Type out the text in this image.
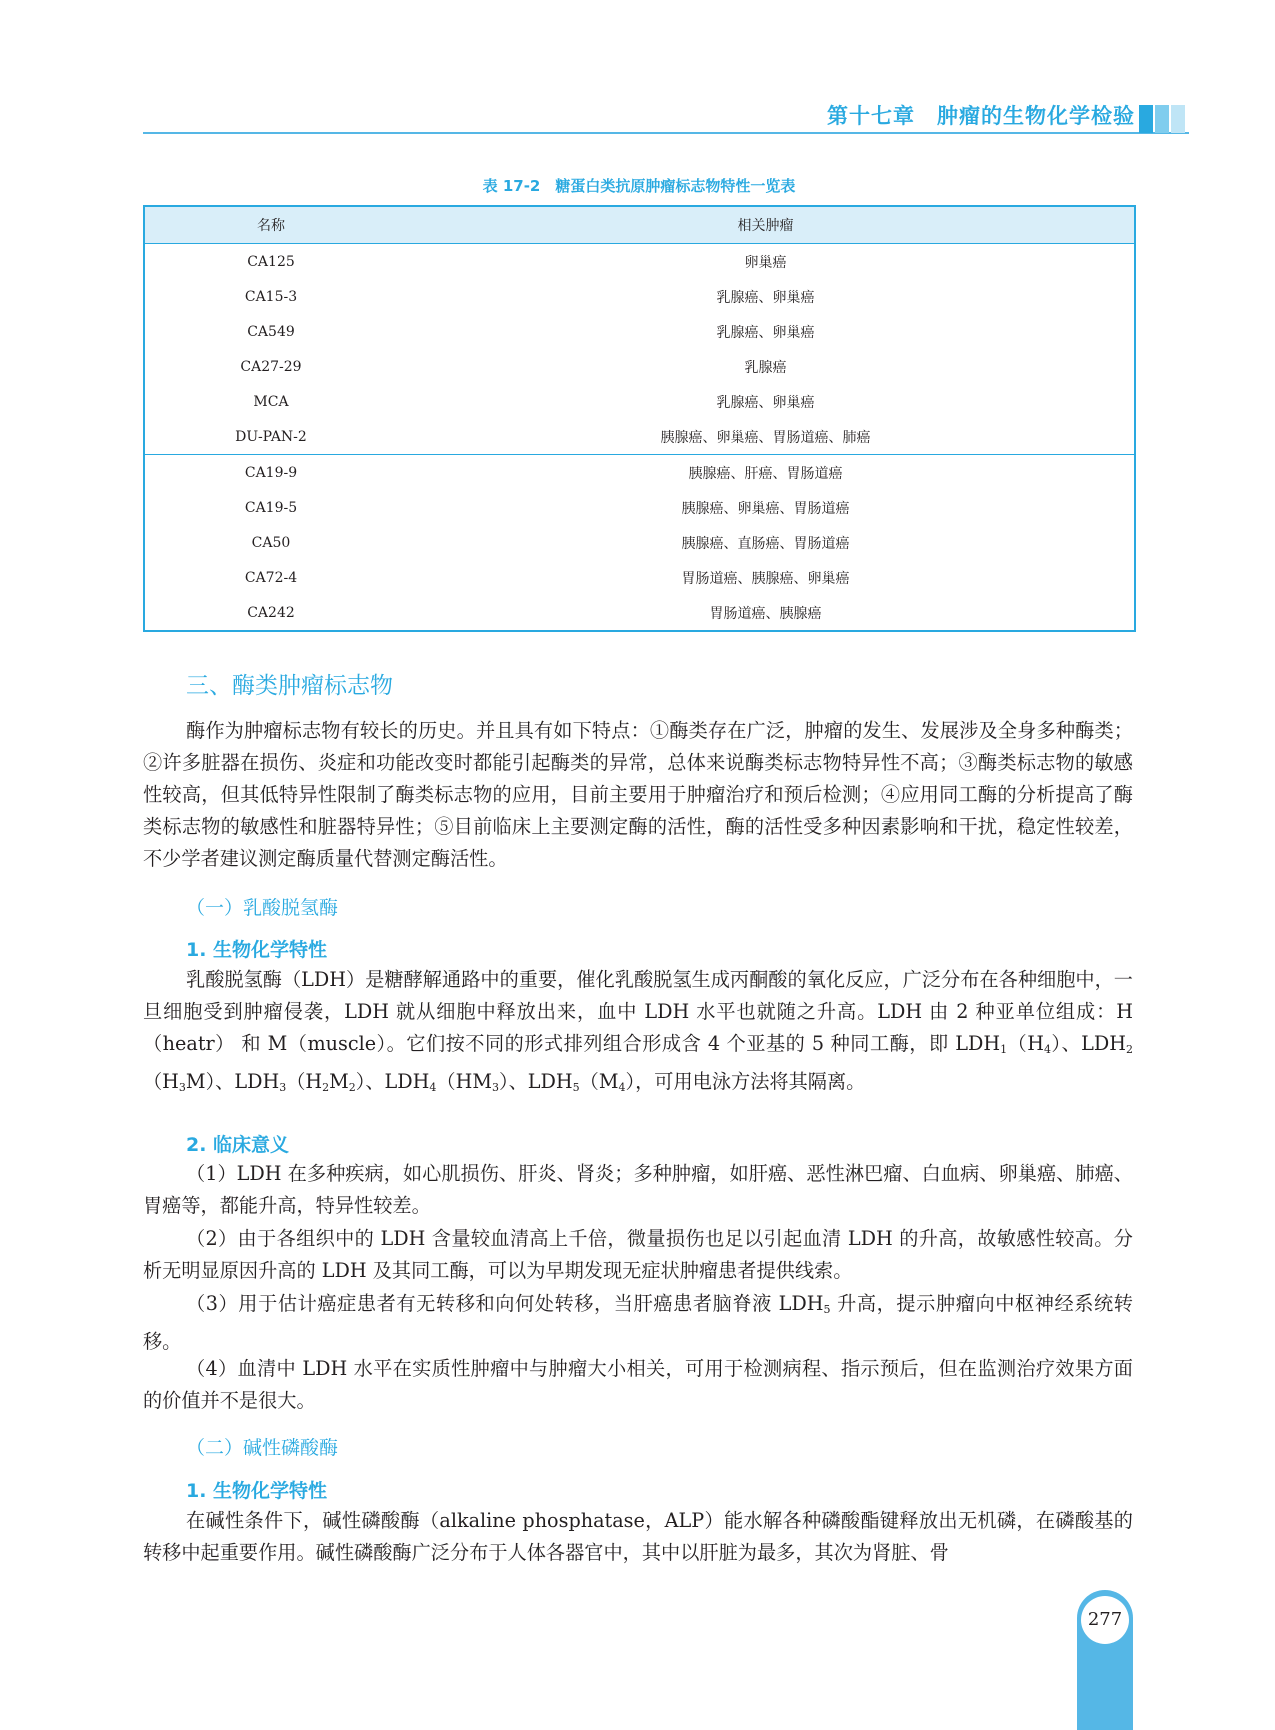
第十七章　肿瘤的生物化学检验
表 17-2　糖蛋白类抗原肿瘤标志物特性一览表
名称	相关肿瘤
CA125	卵巢癌
CA15-3	乳腺癌、卵巢癌
CA549	乳腺癌、卵巢癌
CA27-29	乳腺癌
MCA	乳腺癌、卵巢癌
DU-PAN-2	胰腺癌、卵巢癌、胃肠道癌、肺癌
CA19-9	胰腺癌、肝癌、胃肠道癌
CA19-5	胰腺癌、卵巢癌、胃肠道癌
CA50	胰腺癌、直肠癌、胃肠道癌
CA72-4	胃肠道癌、胰腺癌、卵巢癌
CA242	胃肠道癌、胰腺癌
三、酶类肿瘤标志物

酶作为肿瘤标志物有较长的历史。并且具有如下特点：①酶类存在广泛，肿瘤的发生、发展涉及全身多种酶类；②许多脏器在损伤、炎症和功能改变时都能引起酶类的异常，总体来说酶类标志物特异性不高；③酶类标志物的敏感性较高，但其低特异性限制了酶类标志物的应用，目前主要用于肿瘤治疗和预后检测；④应用同工酶的分析提高了酶类标志物的敏感性和脏器特异性；⑤目前临床上主要测定酶的活性，酶的活性受多种因素影响和干扰，稳定性较差，不少学者建议测定酶质量代替测定酶活性。

（一）乳酸脱氢酶
1. 生物化学特性

乳酸脱氢酶（LDH）是糖酵解通路中的重要，催化乳酸脱氢生成丙酮酸的氧化反应，广泛分布在各种细胞中，一旦细胞受到肿瘤侵袭，LDH 就从细胞中释放出来，血中 LDH 水平也就随之升高。LDH 由 2 种亚单位组成：H（heatr） 和 M（muscle）。它们按不同的形式排列组合形成含 4 个亚基的 5 种同工酶，即 $LDH_1(H_4)$、$LDH_2(H_3M)$、$LDH_3(H_2M_2)$、$LDH_4(HM_3)$、$LDH_5(M_4)$，可用电泳方法将其隔离。

2. 临床意义

（1）LDH 在多种疾病，如心肌损伤、肝炎、肾炎；多种肿瘤，如肝癌、恶性淋巴瘤、白血病、卵巢癌、肺癌、胃癌等，都能升高，特异性较差。

（2）由于各组织中的 LDH 含量较血清高上千倍，微量损伤也足以引起血清 LDH 的升高，故敏感性较高。分析无明显原因升高的 LDH 及其同工酶，可以为早期发现无症状肿瘤患者提供线索。

（3）用于估计癌症患者有无转移和向何处转移，当肝癌患者脑脊液 $LDH_5$ 升高，提示肿瘤向中枢神经系统转移。

（4）血清中 LDH 水平在实质性肿瘤中与肿瘤大小相关，可用于检测病程、指示预后，但在监测治疗效果方面的价值并不是很大。

（二）碱性磷酸酶
1. 生物化学特性

在碱性条件下，碱性磷酸酶（alkaline phosphatase，ALP）能水解各种磷酸酯键释放出无机磷，在磷酸基的转移中起重要作用。碱性磷酸酶广泛分布于人体各器官中，其中以肝脏为最多，其次为肾脏、骨

277
